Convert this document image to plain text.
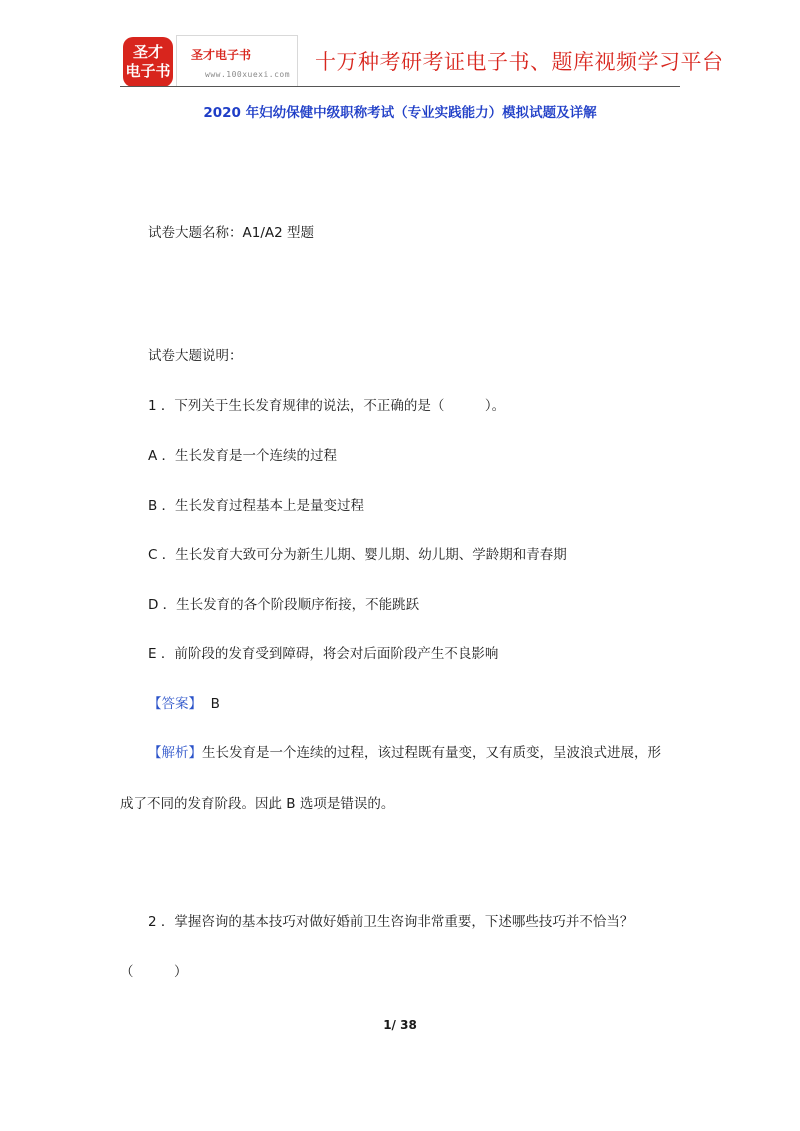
圣才
电子书
圣才电子书
www.100xuexi.com
十万种考研考证电子书、题库视频学习平台
2020 年妇幼保健中级职称考试（专业实践能力）模拟试题及详解
试卷大题名称：A1/A2 型题
试卷大题说明：
1 ．下列关于生长发育规律的说法，不正确的是（　　　）。
A ．生长发育是一个连续的过程
B ．生长发育过程基本上是量变过程
C ．生长发育大致可分为新生儿期、婴儿期、幼儿期、学龄期和青春期
D ．生长发育的各个阶段顺序衔接，不能跳跃
E ．前阶段的发育受到障碍，将会对后面阶段产生不良影响
【答案】 B
【解析】生长发育是一个连续的过程，该过程既有量变，又有质变，呈波浪式进展，形
成了不同的发育阶段。因此 B 选项是错误的。
2 ．掌握咨询的基本技巧对做好婚前卫生咨询非常重要，下述哪些技巧并不恰当？
（　　　）
1/ 38
